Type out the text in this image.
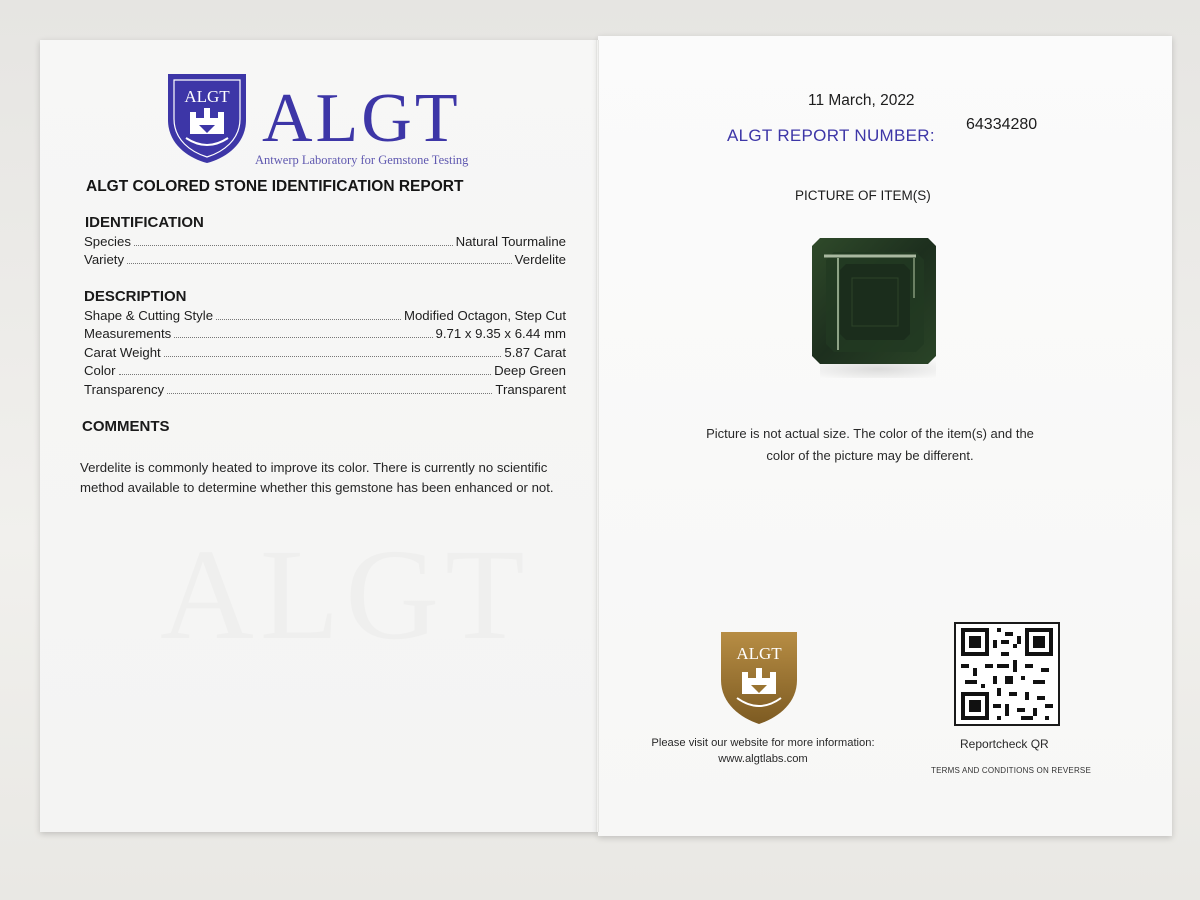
ALGT
ALGT ALGT
Antwerp Laboratory for Gemstone Testing
ALGT COLORED STONE IDENTIFICATION REPORT
IDENTIFICATION
Species	Natural Tourmaline
Variety	Verdelite
DESCRIPTION
Shape & Cutting Style	Modified Octagon, Step Cut
Measurements	9.71 x 9.35 x 6.44 mm
Carat Weight	5.87 Carat
Color	Deep Green
Transparency	Transparent
COMMENTS
Verdelite is commonly heated to improve its color. There is currently no scientific method available to determine whether this gemstone has been enhanced or not.
11 March, 2022
ALGT REPORT NUMBER:
64334280
PICTURE OF ITEM(S)
Picture is not actual size. The color of the item(s) and the color of the picture may be different.
ALGT
Please visit our website for more information:
www.algtlabs.com
Reportcheck QR
TERMS AND CONDITIONS ON REVERSE
